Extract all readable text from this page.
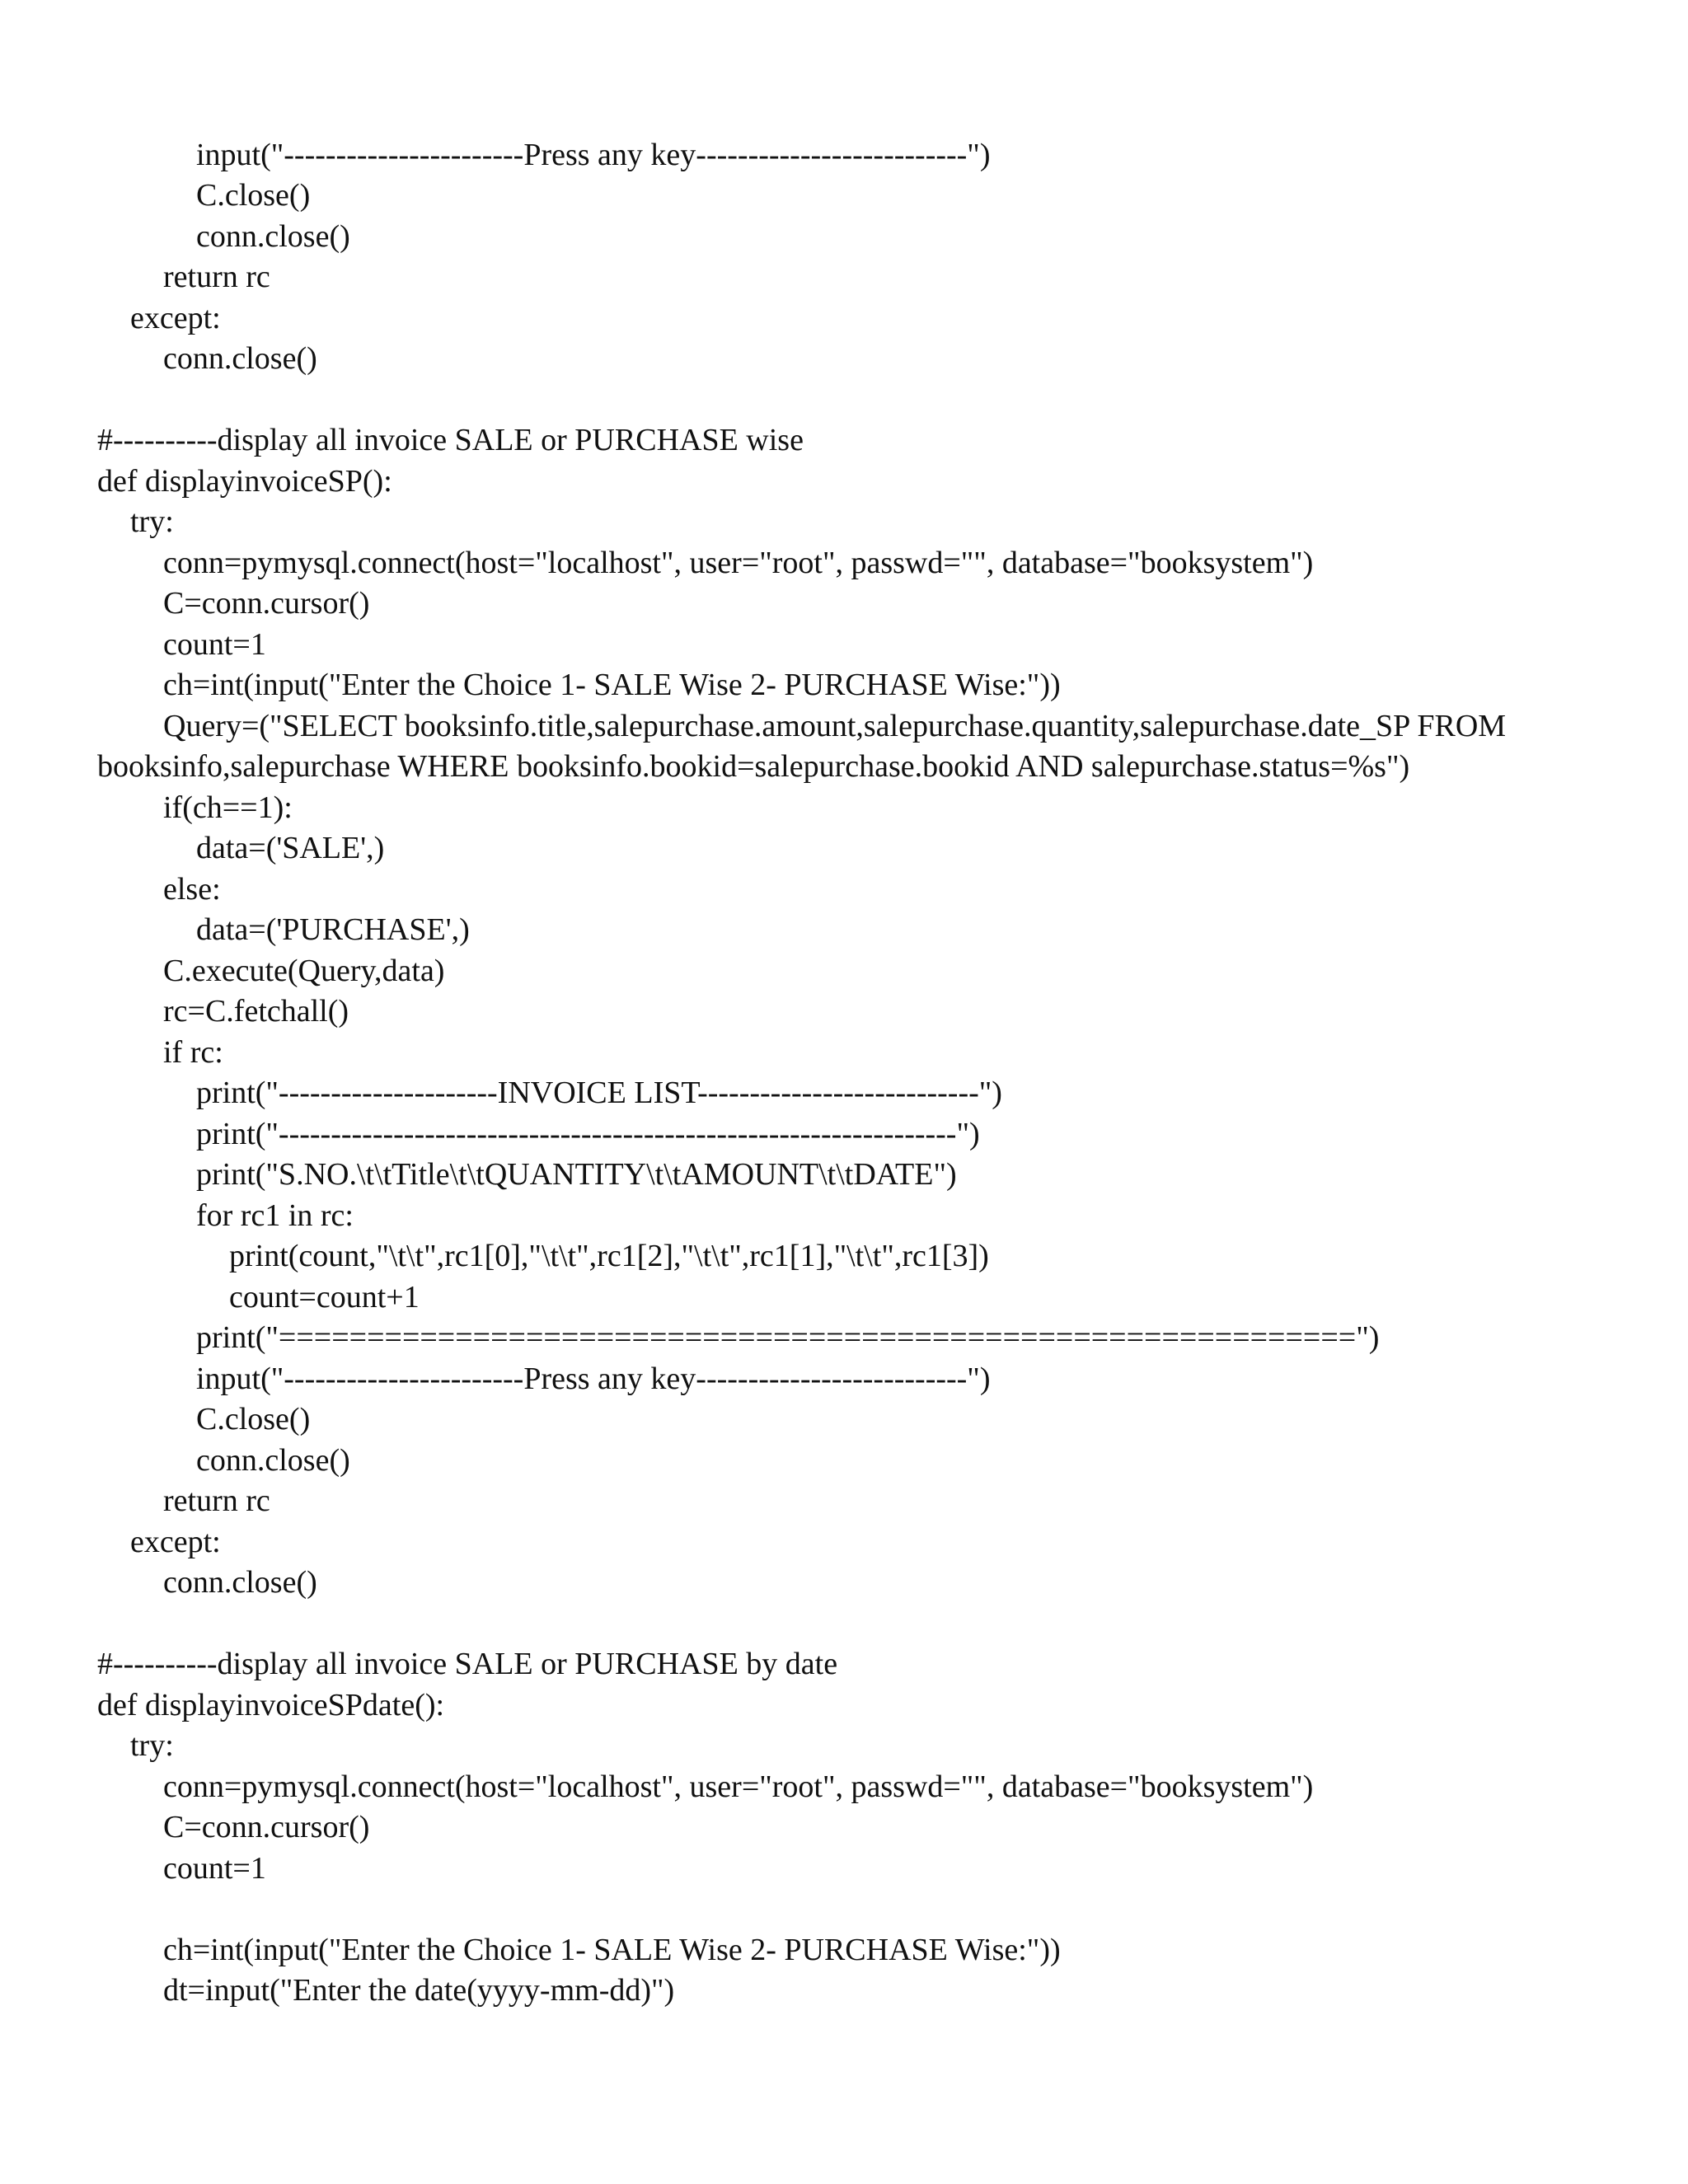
input("-----------------------Press any key--------------------------")
C.close()
conn.close()
return rc
except:
conn.close()
#----------display all invoice SALE or PURCHASE wise
def displayinvoiceSP():
try:
conn=pymysql.connect(host="localhost", user="root", passwd="", database="booksystem")
C=conn.cursor()
count=1
ch=int(input("Enter the Choice 1- SALE Wise 2- PURCHASE Wise:"))
Query=("SELECT booksinfo.title,salepurchase.amount,salepurchase.quantity,salepurchase.date_SP FROM
booksinfo,salepurchase WHERE booksinfo.bookid=salepurchase.bookid AND salepurchase.status=%s")
if(ch==1):
data=('SALE',)
else:
data=('PURCHASE',)
C.execute(Query,data)
rc=C.fetchall()
if rc:
print("---------------------INVOICE LIST---------------------------")
print("-----------------------------------------------------------------")
print("S.NO.\t\tTitle\t\tQUANTITY\t\tAMOUNT\t\tDATE")
for rc1 in rc:
print(count,"\t\t",rc1[0],"\t\t",rc1[2],"\t\t",rc1[1],"\t\t",rc1[3])
count=count+1
print("=============================================================")
input("-----------------------Press any key--------------------------")
C.close()
conn.close()
return rc
except:
conn.close()
#----------display all invoice SALE or PURCHASE by date
def displayinvoiceSPdate():
try:
conn=pymysql.connect(host="localhost", user="root", passwd="", database="booksystem")
C=conn.cursor()
count=1
ch=int(input("Enter the Choice 1- SALE Wise 2- PURCHASE Wise:"))
dt=input("Enter the date(yyyy-mm-dd)")
